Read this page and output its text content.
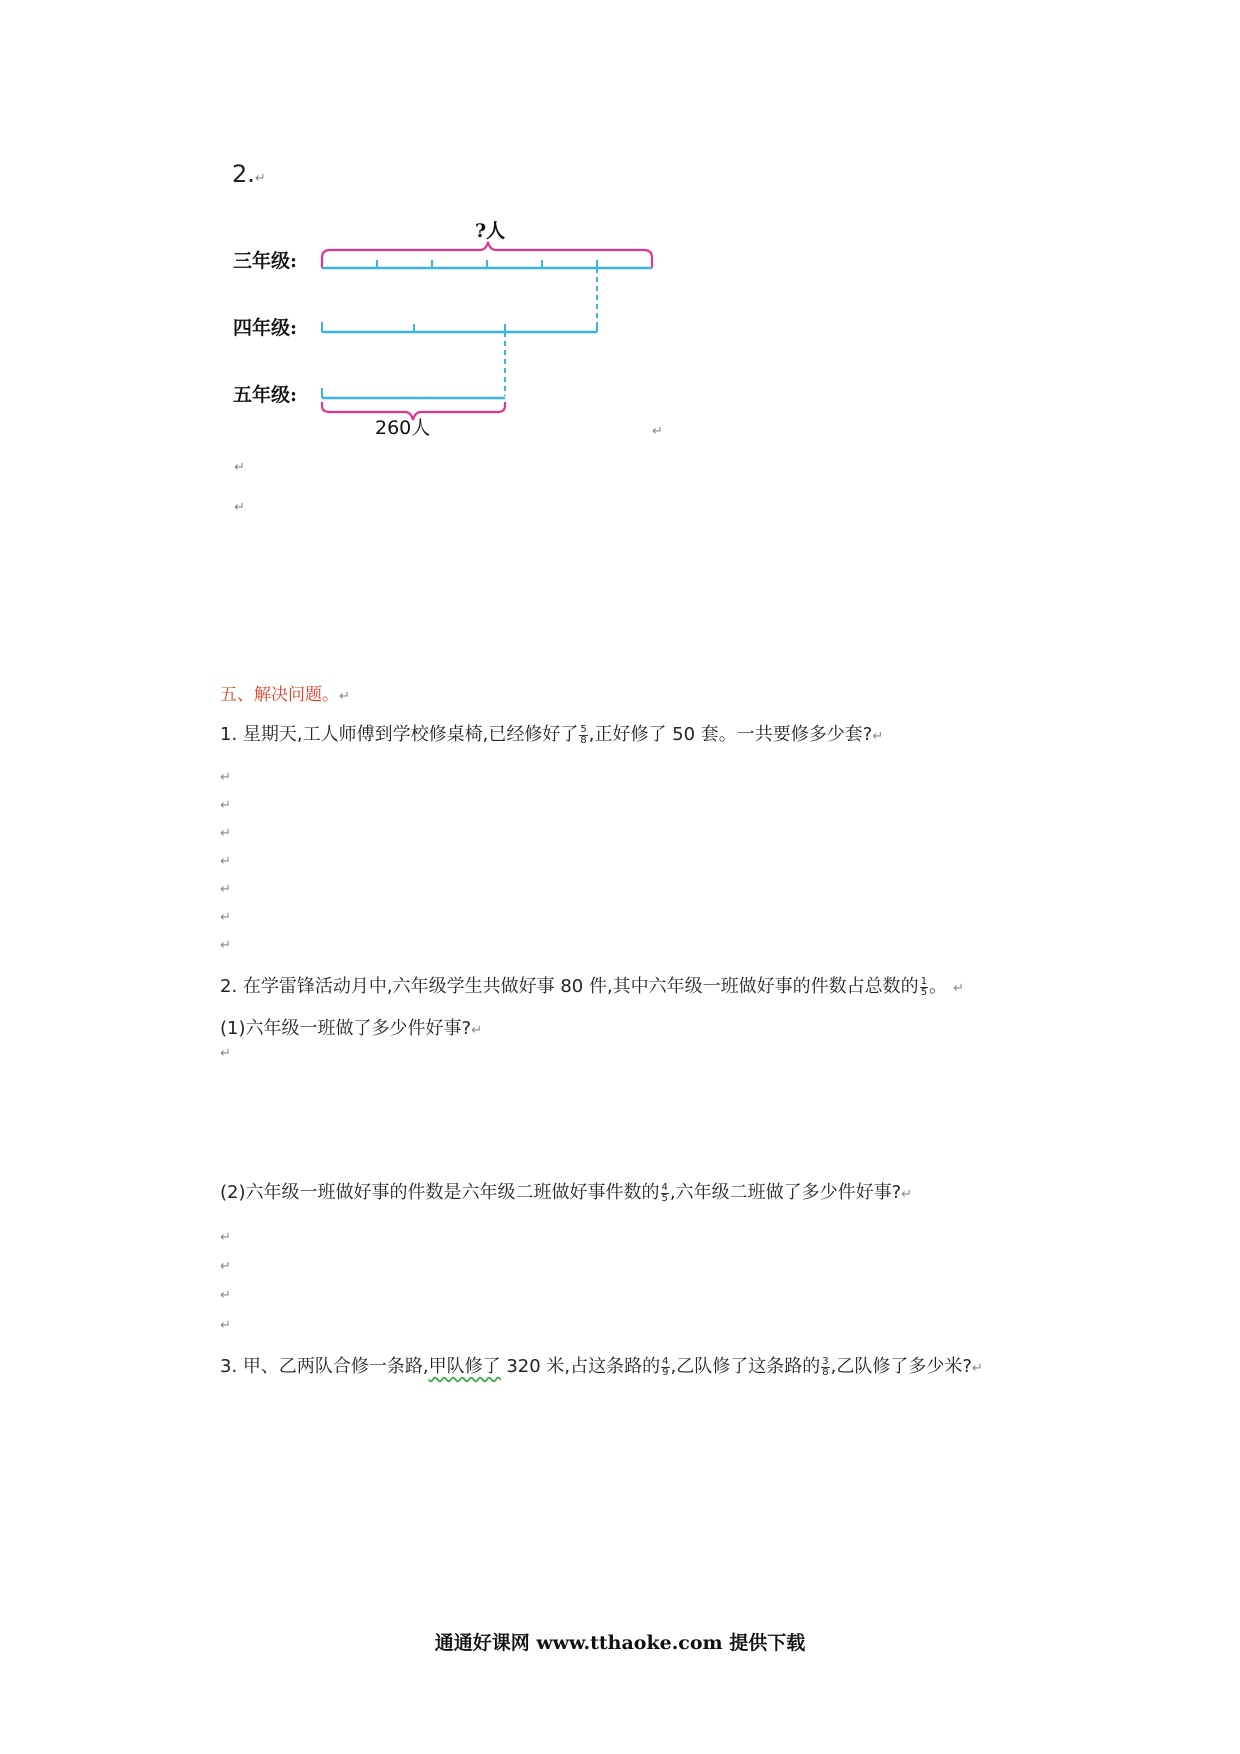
2.↵
?人
三年级:
四年级:
五年级:
260人	↵
↵
↵
五、解决问题。↵
1. 星期天,工人师傅到学校修桌椅,已经修好了 $\frac{5}{8}$ ,正好修了 50 套。一共要修多少套?↵
↵
↵
↵
↵
↵
↵
↵
2. 在学雷锋活动月中,六年级学生共做好事 80 件,其中六年级一班做好事的件数占总数的 $\frac{1}{5}$ 。 ↵
(1)六年级一班做了多少件好事?↵
↵
(2)六年级一班做好事的件数是六年级二班做好事件数的 $\frac{4}{5}$ ,六年级二班做了多少件好事?↵
↵
↵
↵
↵
3. 甲、乙两队合修一条路,甲队修了 320 米,占这条路的 $\frac{4}{9}$ ,乙队修了这条路的 $\frac{3}{8}$ ,乙队修了多少米?↵
通通好课网 www.tthaoke.com 提供下载
